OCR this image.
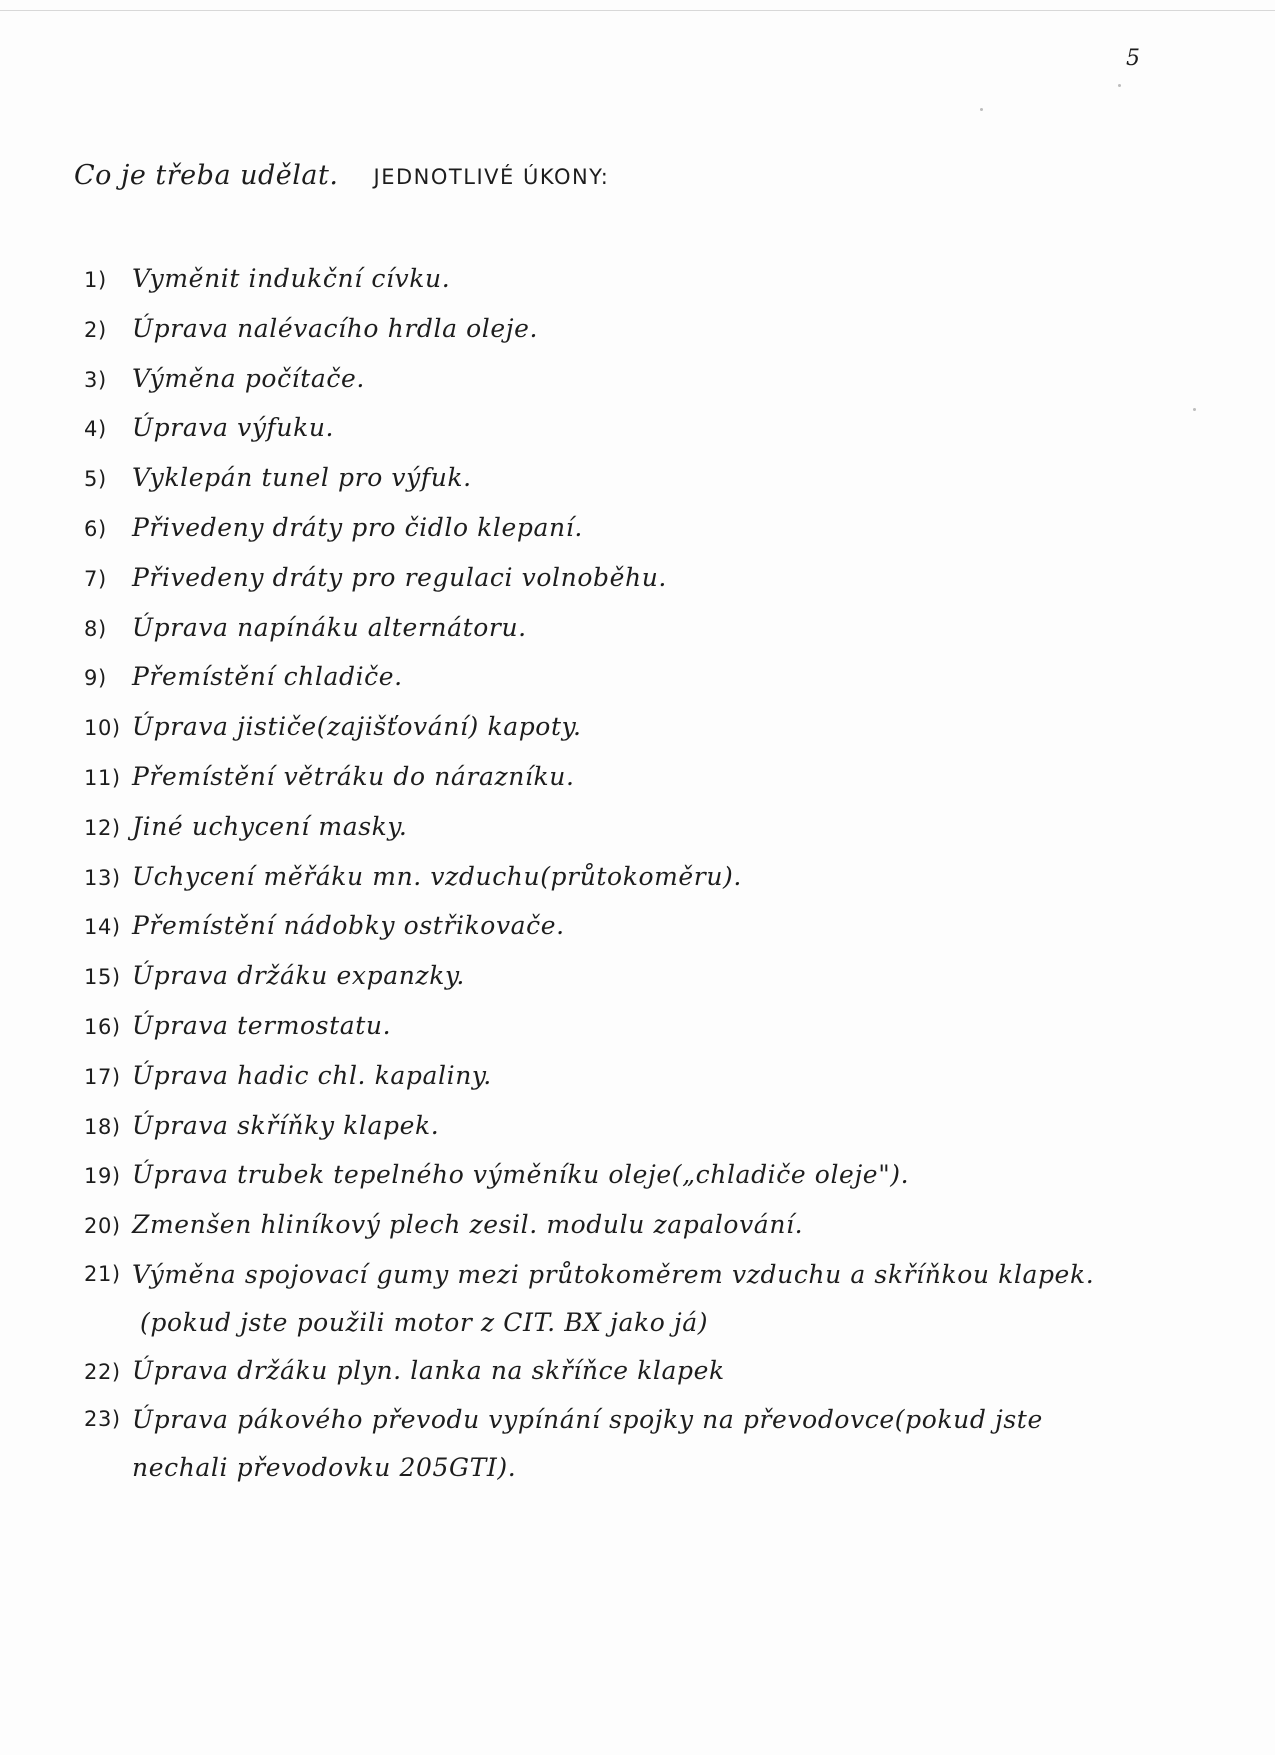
5
Co je třeba udělat. JEDNOTLIVÉ ÚKONY:
1)	Vyměnit indukční cívku.
2)	Úprava nalévacího hrdla oleje.
3)	Výměna počítače.
4)	Úprava výfuku.
5)	Vyklepán tunel pro výfuk.
6)	Přivedeny dráty pro čidlo klepaní.
7)	Přivedeny dráty pro regulaci volnoběhu.
8)	Úprava napínáku alternátoru.
9)	Přemístění chladiče.
10) Úprava jističe(zajišťování) kapoty.
11) Přemístění větráku do nárazníku.
12) Jiné uchycení masky.
13) Uchycení měřáku mn. vzduchu(průtokoměru).
14) Přemístění nádobky ostřikovače.
15) Úprava držáku expanzky.
16) Úprava termostatu.
17) Úprava hadic chl. kapaliny.
18) Úprava skříňky klapek.
19) Úprava trubek tepelného výměníku oleje(„chladiče oleje").
20) Zmenšen hliníkový plech zesil. modulu zapalování.
21) Výměna spojovací gumy mezi průtokoměrem vzduchu a skříňkou klapek.
(pokud jste použili motor z CIT. BX jako já)
22) Úprava držáku plyn. lanka na skříňce klapek
23) Úprava pákového převodu vypínání spojky na převodovce(pokud jste
nechali převodovku 205GTI).
